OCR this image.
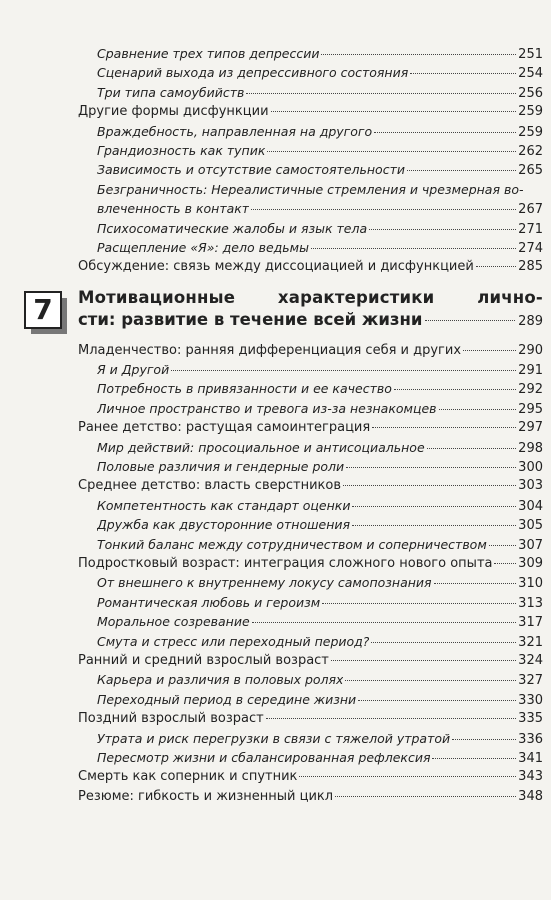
Сравнение трех типов депрессии	251
Сценарий выхода из депрессивного состояния	254
Три типа самоубийств	256
Другие формы дисфункции	259
Враждебность, направленная на другого	259
Грандиозность как тупик	262
Зависимость и отсутствие самостоятельности	265
Безграничность: Нереалистичные стремления и чрезмерная во-
влеченность в контакт	267
Психосоматические жалобы и язык тела	271
Расщепление «Я»: дело ведьмы	274
Обсуждение: связь между диссоциацией и дисфункцией	285
7	Мотивационные	характеристики	лично-
сти: развитие в течение всей жизни	289
Младенчество: ранняя дифференциация себя и других	290
Я и Другой	291
Потребность в привязанности и ее качество	292
Личное пространство и тревога из-за незнакомцев	295
Ранее детство: растущая самоинтеграция	297
Мир действий: просоциальное и антисоциальное	298
Половые различия и гендерные роли	300
Среднее детство: власть сверстников	303
Компетентность как стандарт оценки	304
Дружба как двусторонние отношения	305
Тонкий баланс между сотрудничеством и соперничеством 307
Подростковый возраст: интеграция сложного нового опыта 309
От внешнего к внутреннему локусу самопознания	310
Романтическая любовь и героизм	313
Моральное созревание	317
Смута и стресс или переходный период?	321
Ранний и средний взрослый возраст	324
Карьера и различия в половых ролях	327
Переходный период в середине жизни	330
Поздний взрослый возраст	335
Утрата и риск перегрузки в связи с тяжелой утратой	336
Пересмотр жизни и сбалансированная рефлексия	341
Смерть как соперник и спутник	343
Резюме: гибкость и жизненный цикл	348
